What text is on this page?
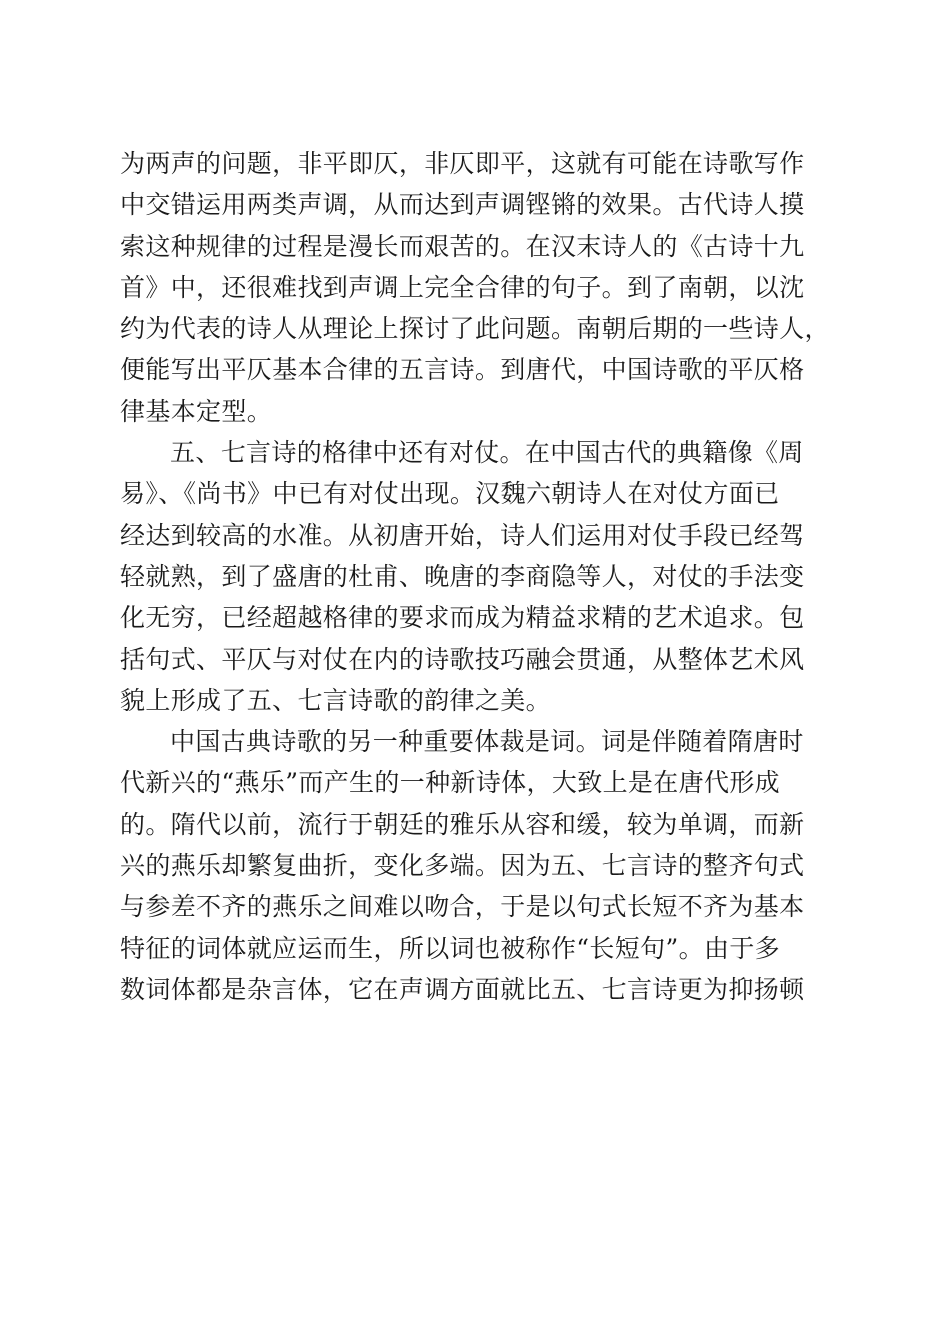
为两声的问题，非平即仄，非仄即平，这就有可能在诗歌写作
中交错运用两类声调，从而达到声调铿锵的效果。古代诗人摸
索这种规律的过程是漫长而艰苦的。在汉末诗人的《古诗十九
首》中，还很难找到声调上完全合律的句子。到了南朝，以沈
约为代表的诗人从理论上探讨了此问题。南朝后期的一些诗人，
便能写出平仄基本合律的五言诗。到唐代，中国诗歌的平仄格
律基本定型。
五、七言诗的格律中还有对仗。在中国古代的典籍像《周
易》、《尚书》中已有对仗出现。汉魏六朝诗人在对仗方面已
经达到较高的水准。从初唐开始，诗人们运用对仗手段已经驾
轻就熟，到了盛唐的杜甫、晚唐的李商隐等人，对仗的手法变
化无穷，已经超越格律的要求而成为精益求精的艺术追求。包
括句式、平仄与对仗在内的诗歌技巧融会贯通，从整体艺术风
貌上形成了五、七言诗歌的韵律之美。
中国古典诗歌的另一种重要体裁是词。词是伴随着隋唐时
代新兴的“燕乐”而产生的一种新诗体，大致上是在唐代形成
的。隋代以前，流行于朝廷的雅乐从容和缓，较为单调，而新
兴的燕乐却繁复曲折，变化多端。因为五、七言诗的整齐句式
与参差不齐的燕乐之间难以吻合，于是以句式长短不齐为基本
特征的词体就应运而生，所以词也被称作“长短句”。由于多
数词体都是杂言体，它在声调方面就比五、七言诗更为抑扬顿
